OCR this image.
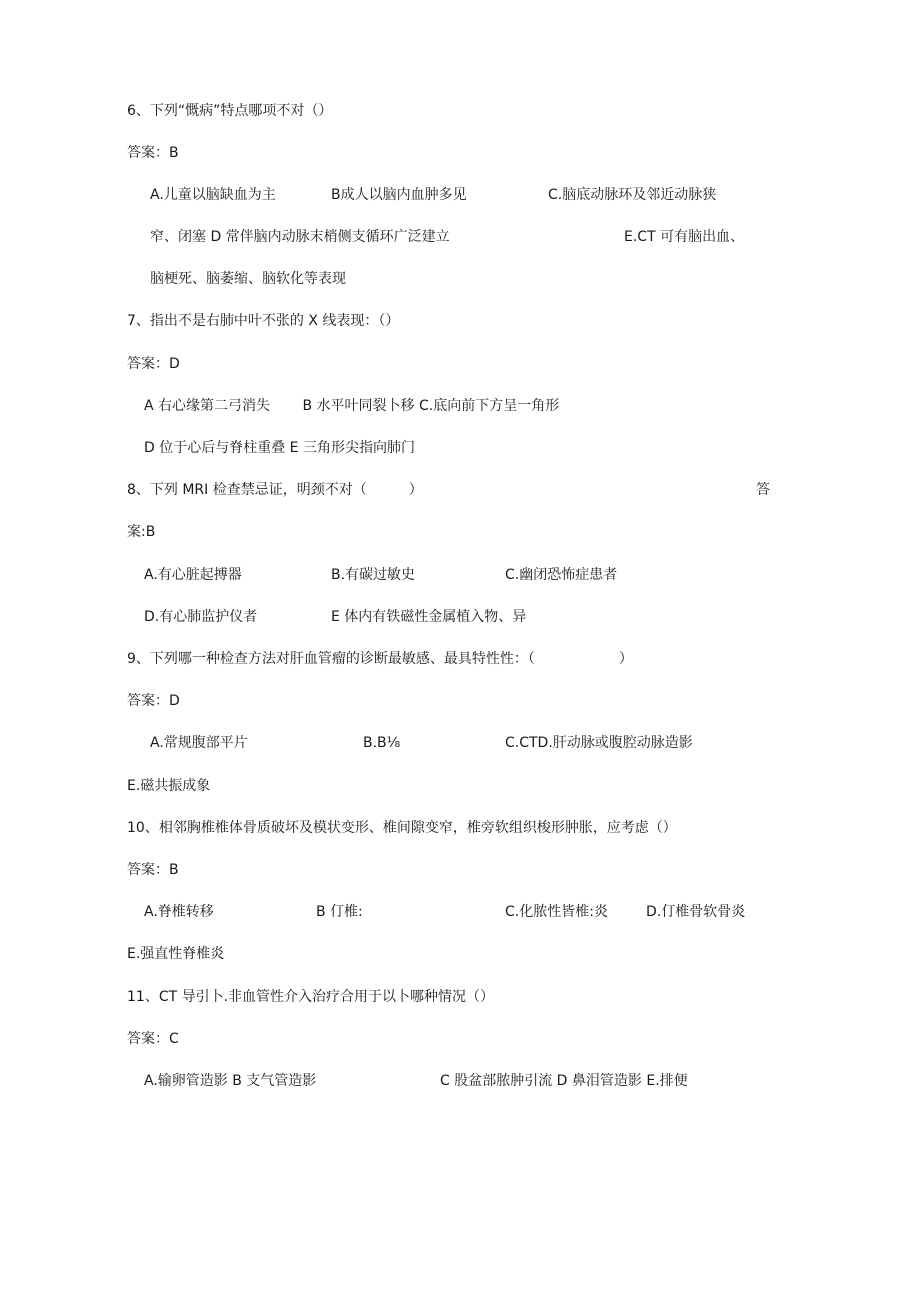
6、下列“慨病”特点哪项不对（）
答案：B
A.儿童以脑缺血为主	B成人以脑内血肿多见	C.脑底动脉环及邻近动脉狭
窄、闭塞 D 常伴脑内动脉末梢侧支循环广泛建立	E.CT 可有脑出血、
脑梗死、脑萎缩、脑软化等表现
7、指出不是右肺中叶不张的 X 线表现：（）
答案：D
A 右心缘第二弓消失　　 B 水平叶同裂卜移 C.底向前下方呈一角形
D 位于心后与脊柱重叠 E 三角形尖指向肺门
8、下列 MRI 检查禁忌证，明颈不对（　　　）	答
案:B
A.有心脏起搏器	B.有碳过敏史	C.幽闭恐怖症患者
D.有心肺监护仪者	E 体内有铁磁性金属植入物、异
9、下列哪一种检查方法对肝血管瘤的诊断最敏感、最具特性性：（　　　　　　）
答案：D
A.常规腹部平片	B.B⅛	C.CTD.肝动脉或腹腔动脉造影
E.磁共振成象
10、相邻胸椎椎体骨质破坏及模状变形、椎间隙变窄，椎旁软组织梭形肿胀，应考虑（）
答案：B
A.脊椎转移	B 仃椎:	C.化脓性皆椎:炎	D.仃椎骨软骨炎
E.强直性脊椎炎
11、CT 导引卜.非血管性介入治疗合用于以卜哪种情况（）
答案：C
A.输卵管造影 B 支气管造影	C 股盆部脓肿引流 D 鼻泪管造影 E.排便
